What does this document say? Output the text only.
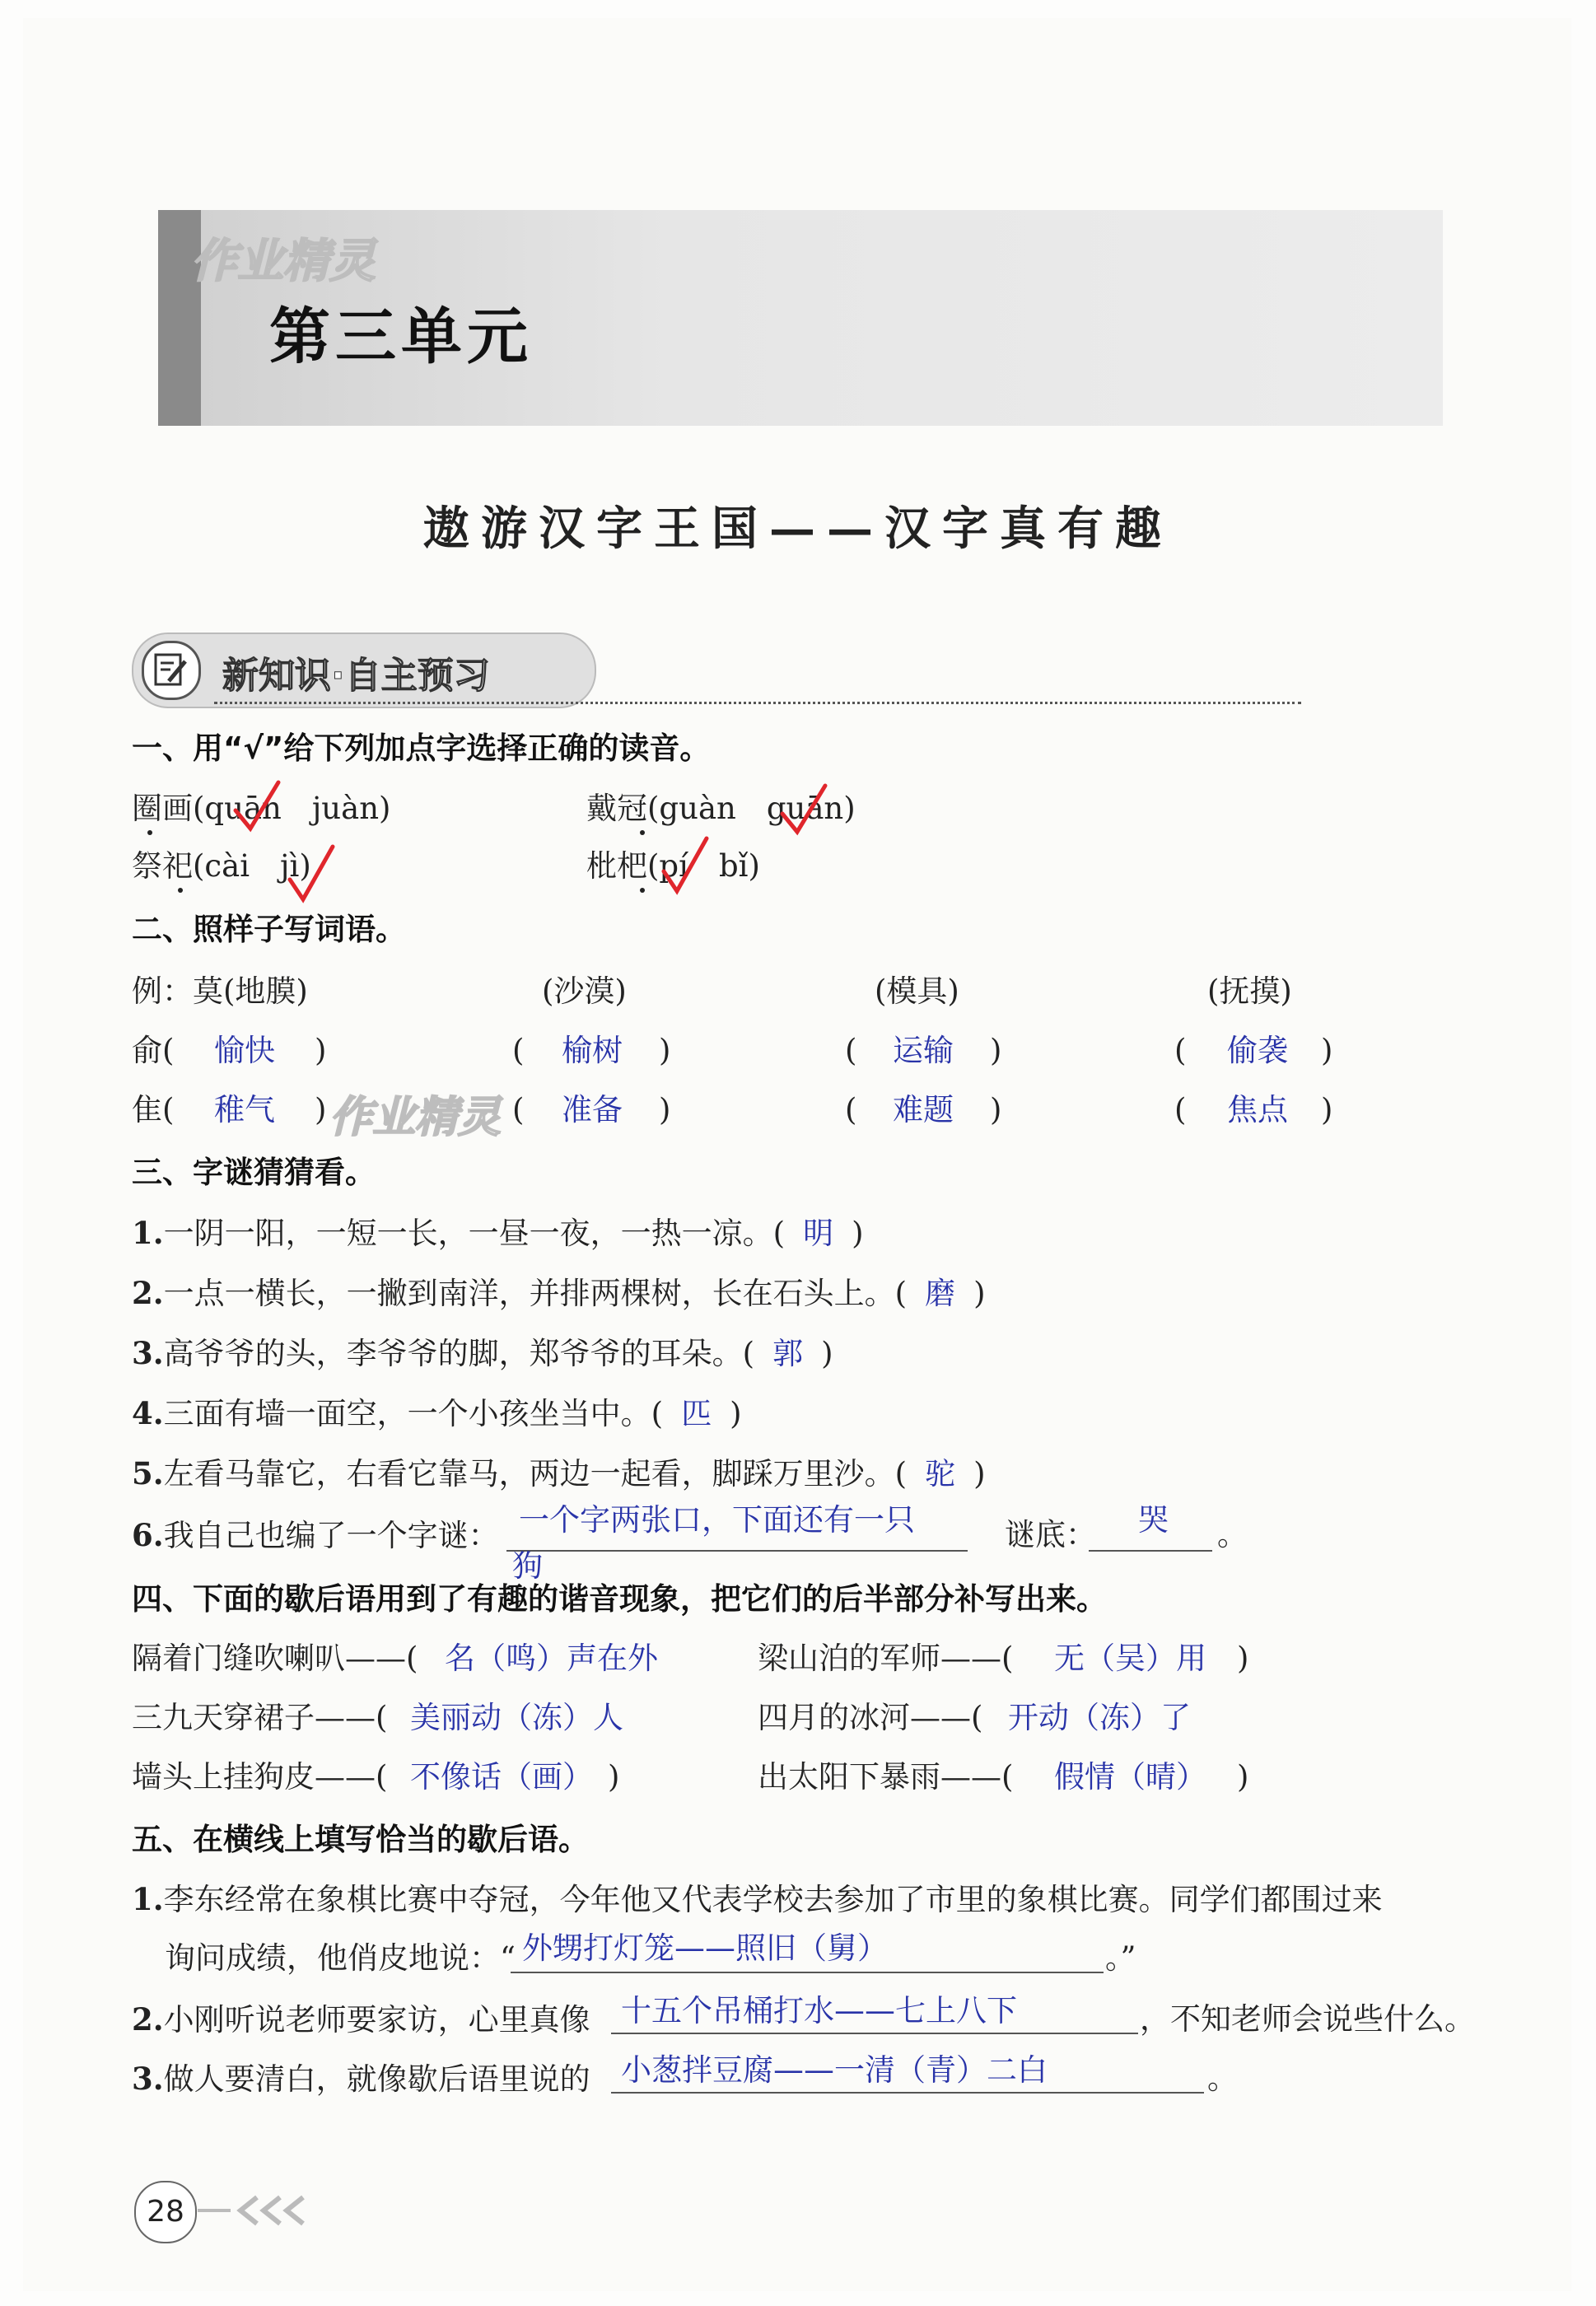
作业精灵
第三单元
遨游汉字王国——汉字真有趣
新知识·自主预习
一、用“√”给下列加点字选择正确的读音。
圈画 (quān　juàn)	戴冠 (guàn　guān)
祭祀 (cài　jì)	枇杷 (pí　bǐ)
二、照样子写词语。
例：莫(地膜)	(沙漠)	(模具)	(抚摸)
俞( 愉快 )	( 榆树 )	( 运输 )	( 偷袭 )
隹( 稚气 ) 作业精灵 ( 准备 )	( 难题 )	( 焦点 )
三、字谜猜猜看。
1.一阴一阳，一短一长，一昼一夜，一热一凉。( 明 )
2.一点一横长，一撇到南洋，并排两棵树，长在石头上。( 磨 )
3.高爷爷的头，李爷爷的脚，郑爷爷的耳朵。( 郭 )
4.三面有墙一面空，一个小孩坐当中。( 匹 )
5.左看马靠它，右看它靠马，两边一起看，脚踩万里沙。( 驼 )
6.我自己也编了一个字谜： 一个字两张口，下面还有一只
狗
谜底： 哭 。
四、下面的歇后语用到了有趣的谐音现象，把它们的后半部分补写出来。
隔着门缝吹喇叭——( 名（鸣）声在外	梁山泊的军师——( 无（吴）用 )
三九天穿裙子——( 美丽动（冻）人	四月的冰河——( 开动（冻）了
墙头上挂狗皮——( 不像话（画） )	出太阳下暴雨——( 假情（晴） )
五、在横线上填写恰当的歇后语。
1.李东经常在象棋比赛中夺冠，今年他又代表学校去参加了市里的象棋比赛。同学们都围过来
询问成绩，他俏皮地说：“ 外甥打灯笼——照旧（舅）	。”
2.小刚听说老师要家访，心里真像 十五个吊桶打水——七上八下	，不知老师会说些什么。
3.做人要清白，就像歇后语里说的 小葱拌豆腐——一清（青）二白	。
28
